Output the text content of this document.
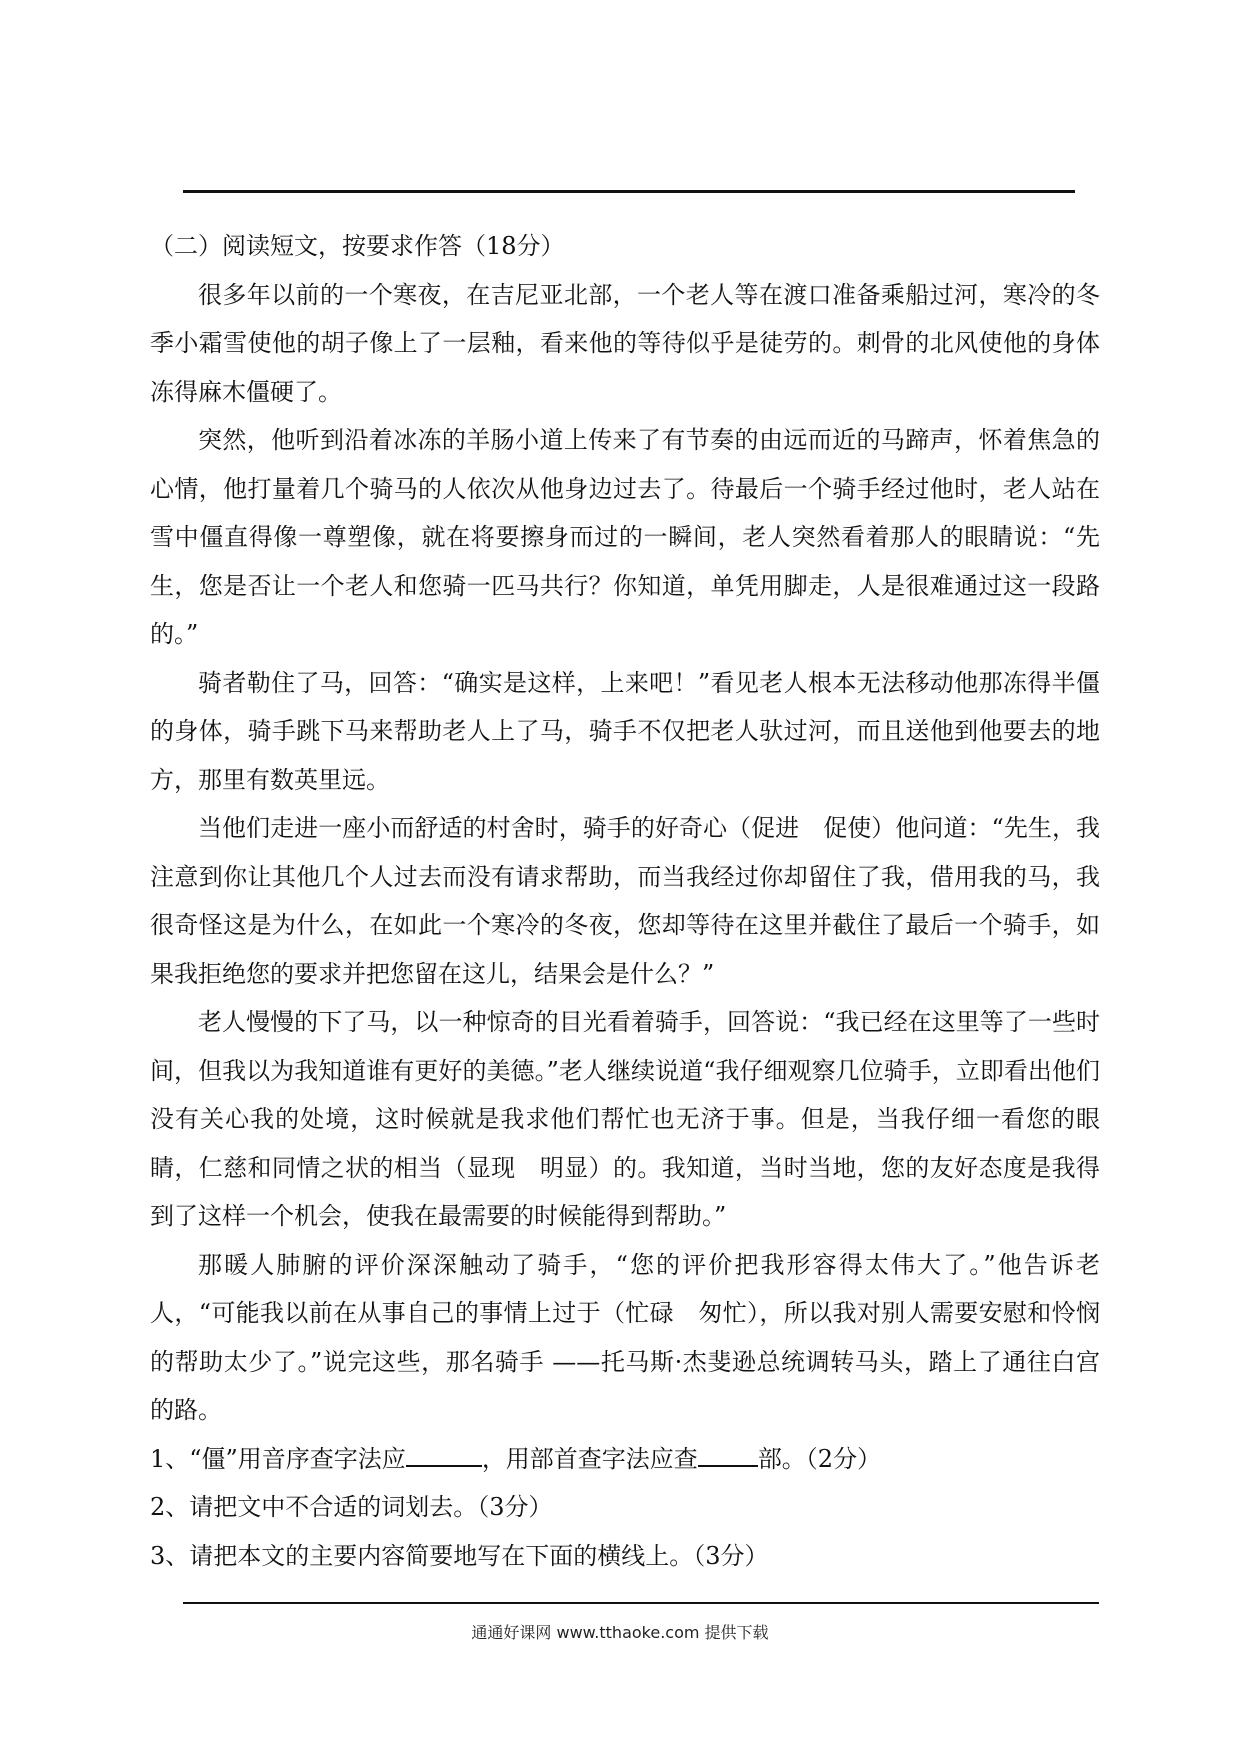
（二）阅读短文，按要求作答（18分）

很多年以前的一个寒夜，在吉尼亚北部，一个老人等在渡口准备乘船过河，寒冷的冬季小霜雪使他的胡子像上了一层釉，看来他的等待似乎是徒劳的。刺骨的北风使他的身体冻得麻木僵硬了。

突然，他听到沿着冰冻的羊肠小道上传来了有节奏的由远而近的马蹄声，怀着焦急的心情，他打量着几个骑马的人依次从他身边过去了。待最后一个骑手经过他时，老人站在雪中僵直得像一尊塑像，就在将要擦身而过的一瞬间，老人突然看着那人的眼睛说：“先生，您是否让一个老人和您骑一匹马共行？你知道，单凭用脚走，人是很难通过这一段路的。”

骑者勒住了马，回答：“确实是这样，上来吧！”看见老人根本无法移动他那冻得半僵的身体，骑手跳下马来帮助老人上了马，骑手不仅把老人驮过河，而且送他到他要去的地方，那里有数英里远。

当他们走进一座小而舒适的村舍时，骑手的好奇心（促进　促使）他问道：“先生，我注意到你让其他几个人过去而没有请求帮助，而当我经过你却留住了我，借用我的马，我很奇怪这是为什么，在如此一个寒冷的冬夜，您却等待在这里并截住了最后一个骑手，如果我拒绝您的要求并把您留在这儿，结果会是什么？”

老人慢慢的下了马，以一种惊奇的目光看着骑手，回答说：“我已经在这里等了一些时间，但我以为我知道谁有更好的美德。”老人继续说道“我仔细观察几位骑手，立即看出他们没有关心我的处境，这时候就是我求他们帮忙也无济于事。但是，当我仔细一看您的眼睛，仁慈和同情之状的相当（显现　明显）的。我知道，当时当地，您的友好态度是我得到了这样一个机会，使我在最需要的时候能得到帮助。”

那暖人肺腑的评价深深触动了骑手，“您的评价把我形容得太伟大了。”他告诉老人，“可能我以前在从事自己的事情上过于（忙碌　匆忙），所以我对别人需要安慰和怜悯的帮助太少了。”说完这些，那名骑手 ——托马斯·杰斐逊总统调转马头，踏上了通往白宫的路。

1、“僵”用音序查字法应	，用部首查字法应查	部。（2分）

2、请把文中不合适的词划去。（3分）

3、请把本文的主要内容简要地写在下面的横线上。（3分）

通通好课网 www.tthaoke.com 提供下载
